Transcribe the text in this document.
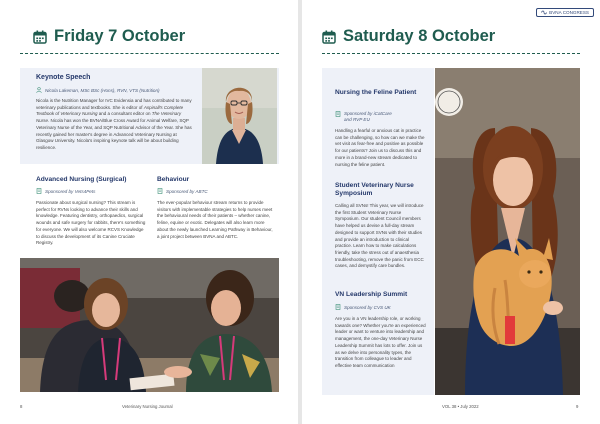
Friday 7 October
Keynote Speech
Nicola Lakeman, MSc BSc (Hons), RVN, VTS (Nutrition)
Nicola is the Nutrition Manager for IVC Evidensia and has contributed to many veterinary publications and textbooks. She is editor of Aspinall's Complete Textbook of Veterinary Nursing and a consultant editor on The Veterinary Nurse. Nicola has won the BVNA/Blue Cross Award for Animal Welfare, SQP Veterinary Nurse of the Year, and SQP Nutritional Advisor of the Year. She has recently gained her master's degree in Advanced Veterinary Nursing at Glasgow University. Nicola's inspiring keynote talk will be about building resilience.
Advanced Nursing (Surgical)
Sponsored by Vets4Pets
Passionate about surgical nursing? This stream is perfect for RVNs looking to advance their skills and knowledge. Featuring dentistry, orthopaedics, surgical wounds and safe surgery for rabbits, there's something for everyone. We will also welcome RCVS Knowledge to discuss the development of its Canine Cruciate Registry.
Behaviour
Sponsored by ABTC
The ever-popular behaviour stream returns to provide visitors with implementable strategies to help nurses meet the behavioural needs of their patients – whether canine, feline, equine or exotic. Delegates will also learn more about the newly launched Learning Pathway in Behaviour, a joint project between BVNA and ABTC.
8	Veterinary Nursing Journal
BVNA CONGRESS
Saturday 8 October
Nursing the Feline Patient
Sponsored by iCatCare and RVP EU
Handling a fearful or anxious cat in practice can be challenging, so how can we make the vet visit as fear-free and positive as possible for our patients? Join us to discuss this and more in a brand-new stream dedicated to nursing the feline patient.
Student Veterinary Nurse Symposium
Calling all SVNs! This year, we will introduce the first Student Veterinary Nurse Symposium. Our student Council members have helped us devise a full-day stream designed to support SVNs with their studies and provide an introduction to clinical practice. Learn how to make calculations friendly, take the stress out of anaesthesia troubleshooting, remove the panic from ECC cases, and demystify care bundles.
VN Leadership Summit
Sponsored by CVS UK
Are you in a VN leadership role, or working towards one? Whether you're an experienced leader or want to venture into leadership and management, the one-day Veterinary Nurse Leadership Summit has lots to offer. Join us as we delve into personality types, the transition from colleague to leader and effective team communication
VOL 38 • July 2022	9
